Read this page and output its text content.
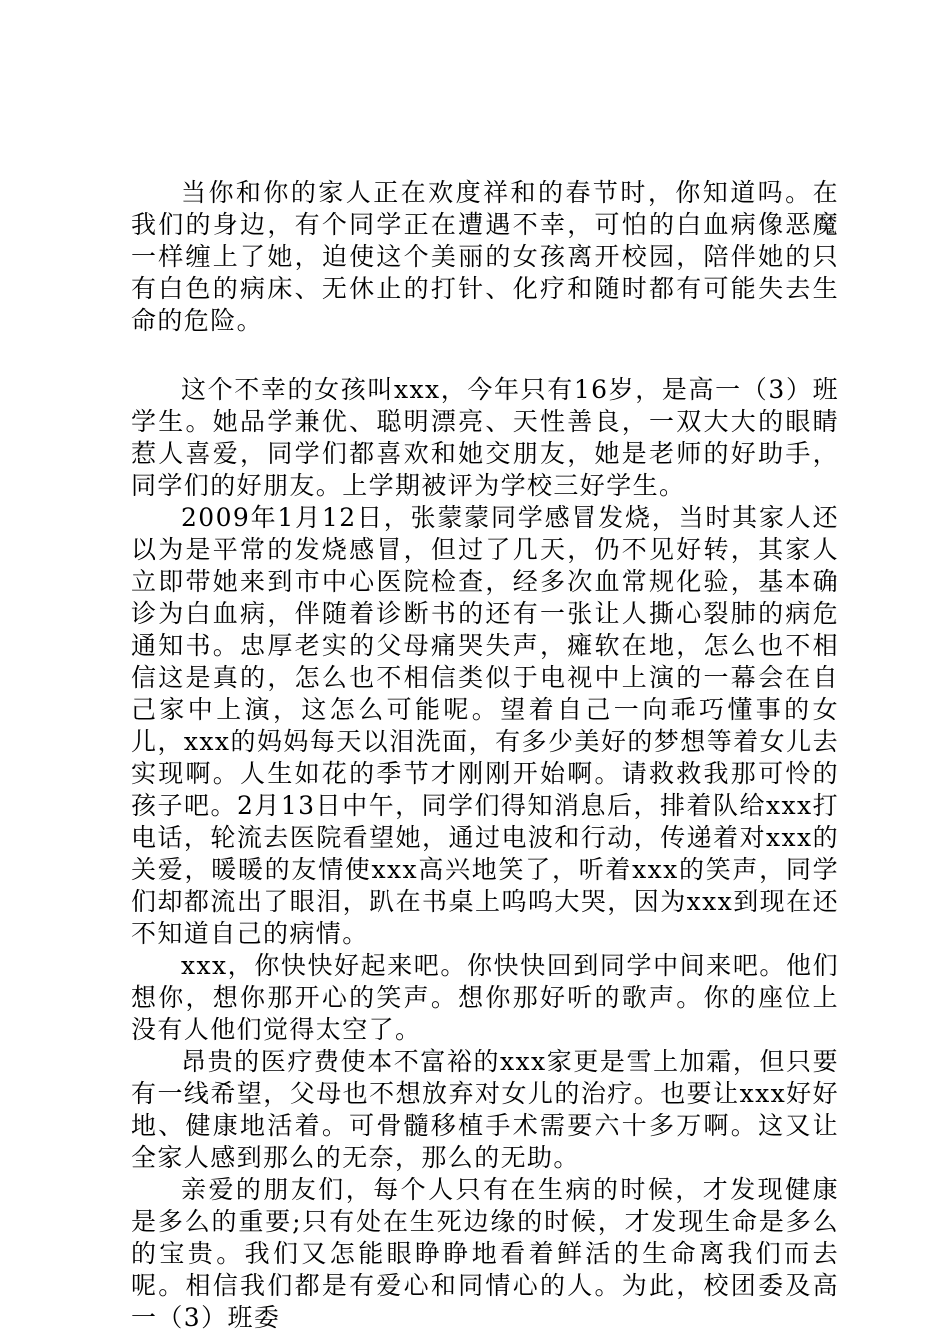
当你和你的家人正在欢度祥和的春节时，你知道吗。在我们的身边，有个同学正在遭遇不幸，可怕的白血病像恶魔一样缠上了她，迫使这个美丽的女孩离开校园，陪伴她的只有白色的病床、无休止的打针、化疗和随时都有可能失去生命的危险。

这个不幸的女孩叫xxx，今年只有16岁，是高一（3）班学生。她品学兼优、聪明漂亮、天性善良，一双大大的眼睛惹人喜爱，同学们都喜欢和她交朋友，她是老师的好助手，同学们的好朋友。上学期被评为学校三好学生。

2009年1月12日，张蒙蒙同学感冒发烧，当时其家人还以为是平常的发烧感冒，但过了几天，仍不见好转，其家人立即带她来到市中心医院检查，经多次血常规化验，基本确诊为白血病，伴随着诊断书的还有一张让人撕心裂肺的病危通知书。忠厚老实的父母痛哭失声，瘫软在地，怎么也不相信这是真的，怎么也不相信类似于电视中上演的一幕会在自己家中上演，这怎么可能呢。望着自己一向乖巧懂事的女儿，xxx的妈妈每天以泪洗面，有多少美好的梦想等着女儿去实现啊。人生如花的季节才刚刚开始啊。请救救我那可怜的孩子吧。2月13日中午，同学们得知消息后，排着队给xxx打电话，轮流去医院看望她，通过电波和行动，传递着对xxx的关爱，暖暖的友情使xxx高兴地笑了，听着xxx的笑声，同学们却都流出了眼泪，趴在书桌上呜呜大哭，因为xxx到现在还不知道自己的病情。

xxx，你快快好起来吧。你快快回到同学中间来吧。他们想你，想你那开心的笑声。想你那好听的歌声。你的座位上没有人他们觉得太空了。

昂贵的医疗费使本不富裕的xxx家更是雪上加霜，但只要有一线希望，父母也不想放弃对女儿的治疗。也要让xxx好好地、健康地活着。可骨髓移植手术需要六十多万啊。这又让全家人感到那么的无奈，那么的无助。

亲爱的朋友们，每个人只有在生病的时候，才发现健康是多么的重要;只有处在生死边缘的时候，才发现生命是多么的宝贵。我们又怎能眼睁睁地看着鲜活的生命离我们而去呢。相信我们都是有爱心和同情心的人。为此，校团委及高一（3）班委
